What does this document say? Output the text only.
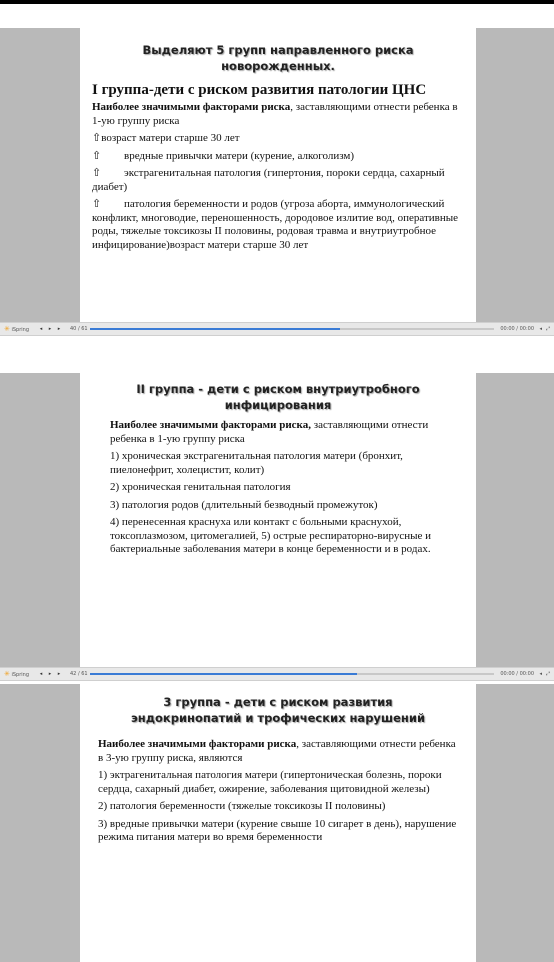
Выделяют 5 групп направленного риска новорожденных.

I группа-дети с риском развития патологии ЦНС

Наиболее значимыми факторами риска, заставляющими отнести ребенка в 1-ую группу риска

⇧возраст матери старше 30 лет

⇧ вредные привычки матери (курение, алкоголизм)

⇧ экстрагенитальная патология (гипертония, пороки сердца, сахарный диабет)

⇧ патология беременности и родов (угроза аборта, иммунологический конфликт, многоводие, переношенность, дородовое излитие вод, оперативные роды, тяжелые токсикозы II половины, родовая травма и внутриутробное инфицирование)возраст матери старше 30 лет

✳ iSpring	◂	▸	▸	40 / 61	00:00 / 00:00 ◂ ⤢
II группа - дети с риском внутриутробного инфицирования

Наиболее значимыми факторами риска, заставляющими отнести ребенка в 1-ую группу риска

1) хроническая экстрагенитальная патология матери (бронхит, пиелонефрит, холецистит, колит)

2) хроническая генитальная патология

3) патология родов (длительный безводный промежуток)

4) перенесенная краснуха или контакт с больными краснухой, токсоплазмозом, цитомегалией, 5) острые респираторно-вирусные и бактериальные заболевания матери в конце беременности и в родах.

✳ iSpring	◂	▸	▸	42 / 61	00:00 / 00:00 ◂ ⤢
3 группа - дети с риском развития эндокринопатий и трофических нарушений

Наиболее значимыми факторами риска, заставляющими отнести ребенка в 3-ую группу риска, являются

1) эктрагенитальная патология матери (гипертоническая болезнь, пороки сердца, сахарный диабет, ожирение, заболевания щитовидной железы)

2) патология беременности (тяжелые токсикозы II половины)

3) вредные привычки матери (курение свыше 10 сигарет в день), нарушение режима питания матери во время беременности
